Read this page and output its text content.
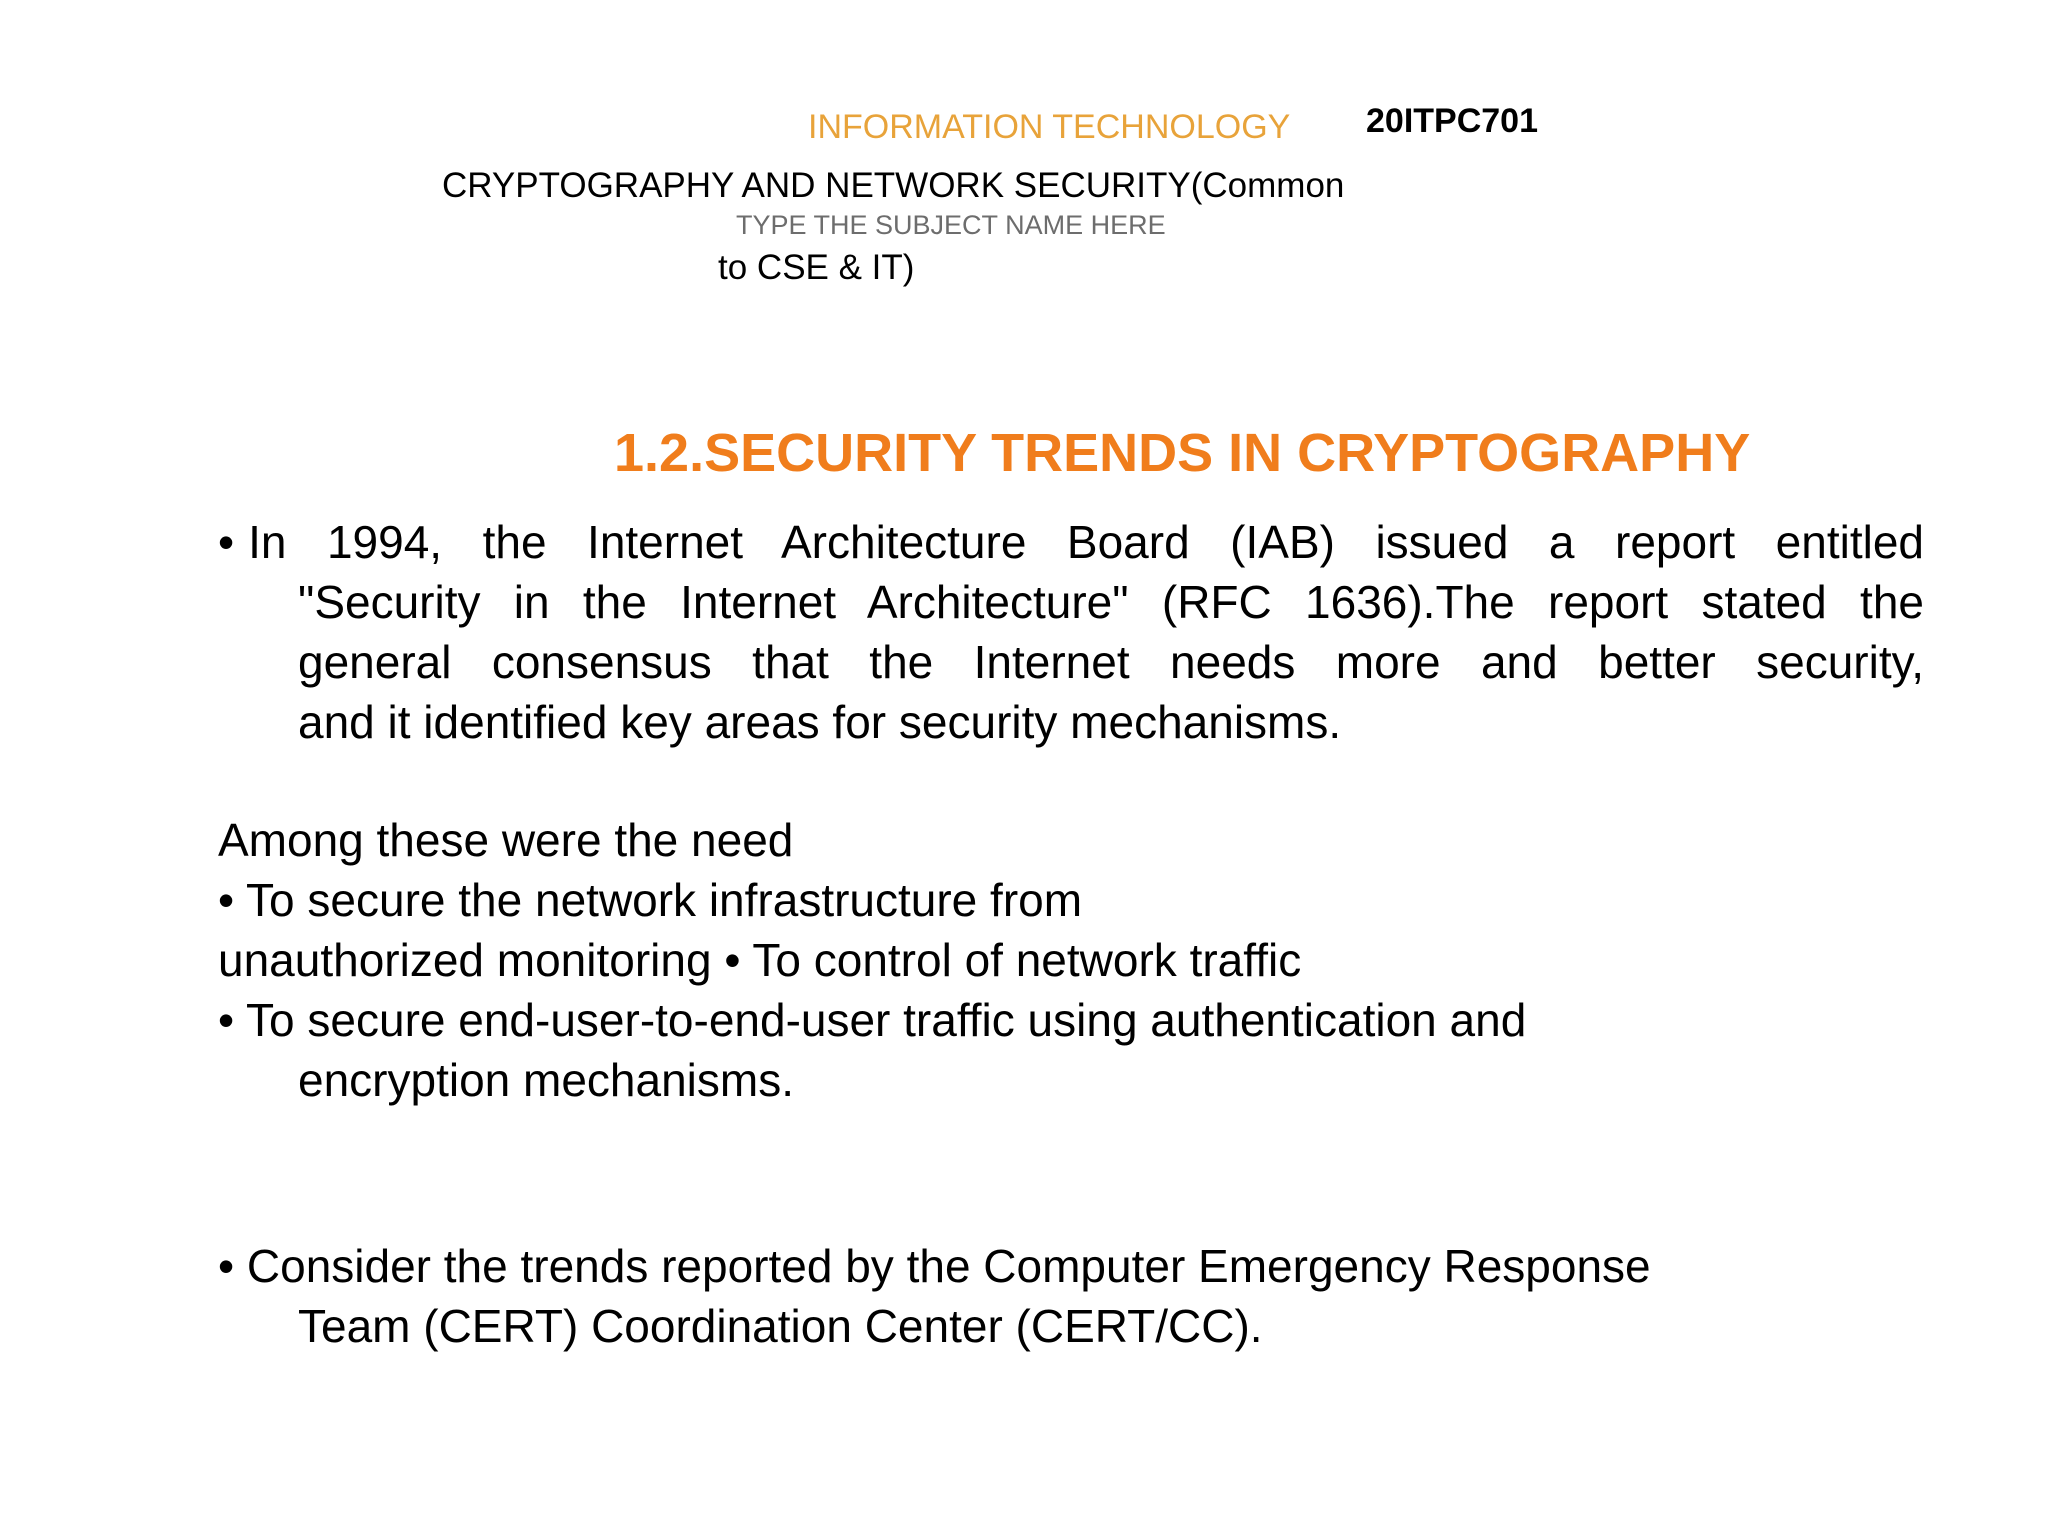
INFORMATION TECHNOLOGY 20ITPC701
CRYPTOGRAPHY AND NETWORK SECURITY(Common
TYPE THE SUBJECT NAME HERE
to CSE & IT)
1.2.SECURITY TRENDS IN CRYPTOGRAPHY
• In 1994, the Internet Architecture Board (IAB) issued a report entitled
"Security in the Internet Architecture" (RFC 1636).The report stated the
general consensus that the Internet needs more and better security,
and it identified key areas for security mechanisms.
Among these were the need
• To secure the network infrastructure from
unauthorized monitoring • To control of network traffic
• To secure end-user-to-end-user traffic using authentication and
encryption mechanisms.
• Consider the trends reported by the Computer Emergency Response
Team (CERT) Coordination Center (CERT/CC).
